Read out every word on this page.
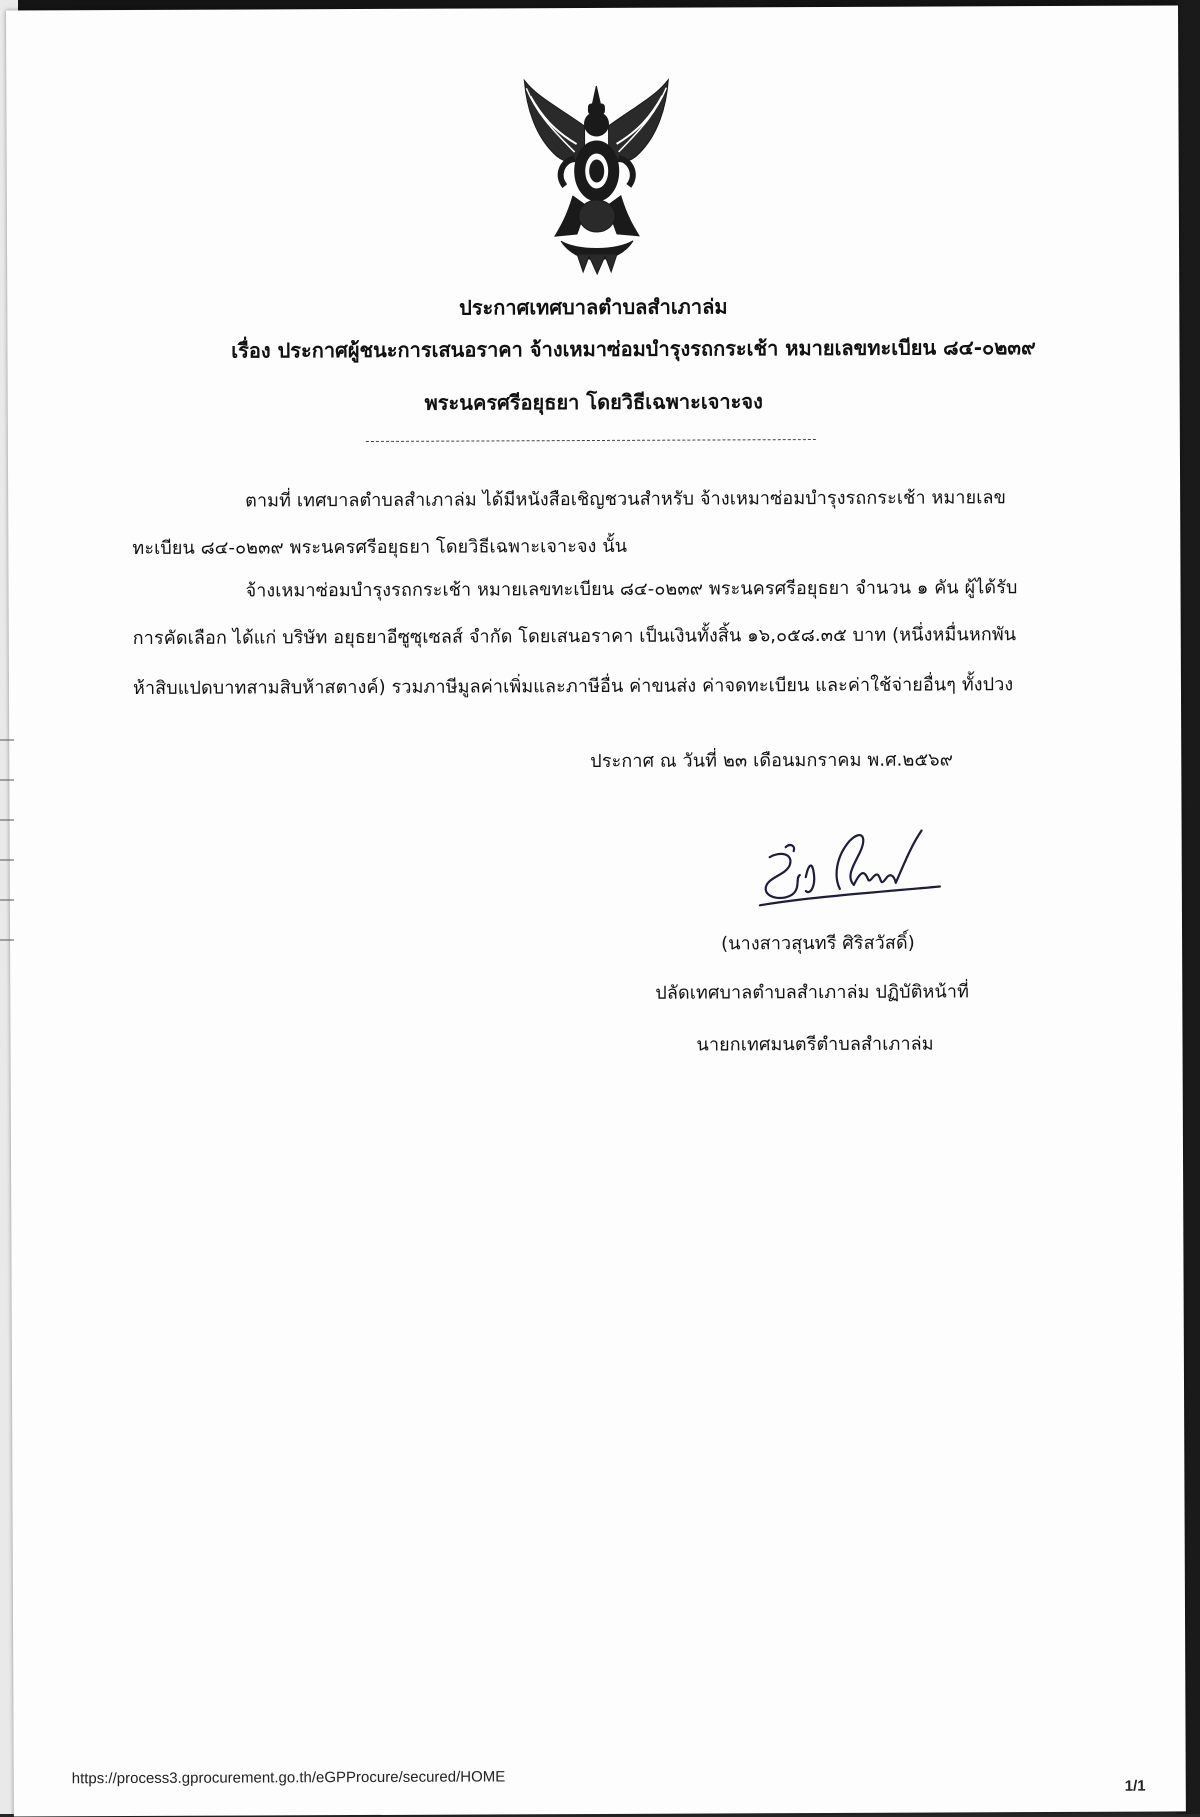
ประกาศเทศบาลตำบลสำเภาล่ม
เรื่อง ประกาศผู้ชนะการเสนอราคา จ้างเหมาซ่อมบำรุงรถกระเช้า หมายเลขทะเบียน ๘๔-๐๒๓๙
พระนครศรีอยุธยา โดยวิธีเฉพาะเจาะจง
ตามที่ เทศบาลตำบลสำเภาล่ม ได้มีหนังสือเชิญชวนสำหรับ จ้างเหมาซ่อมบำรุงรถกระเช้า หมายเลข
ทะเบียน ๘๔-๐๒๓๙ พระนครศรีอยุธยา โดยวิธีเฉพาะเจาะจง นั้น
จ้างเหมาซ่อมบำรุงรถกระเช้า หมายเลขทะเบียน ๘๔-๐๒๓๙ พระนครศรีอยุธยา จำนวน ๑ คัน ผู้ได้รับ
การคัดเลือก ได้แก่ บริษัท อยุธยาอีซูซุเซลส์ จำกัด โดยเสนอราคา เป็นเงินทั้งสิ้น ๑๖,๐๕๘.๓๕ บาท (หนึ่งหมื่นหกพัน
ห้าสิบแปดบาทสามสิบห้าสตางค์) รวมภาษีมูลค่าเพิ่มและภาษีอื่น ค่าขนส่ง ค่าจดทะเบียน และค่าใช้จ่ายอื่นๆ ทั้งปวง
ประกาศ ณ วันที่ ๒๓ เดือนมกราคม พ.ศ.๒๕๖๙
(นางสาวสุนทรี ศิริสวัสดิ์)
ปลัดเทศบาลตำบลสำเภาล่ม ปฏิบัติหน้าที่
นายกเทศมนตรีตำบลสำเภาล่ม
https://process3.gprocurement.go.th/eGPProcure/secured/HOME	1/1
